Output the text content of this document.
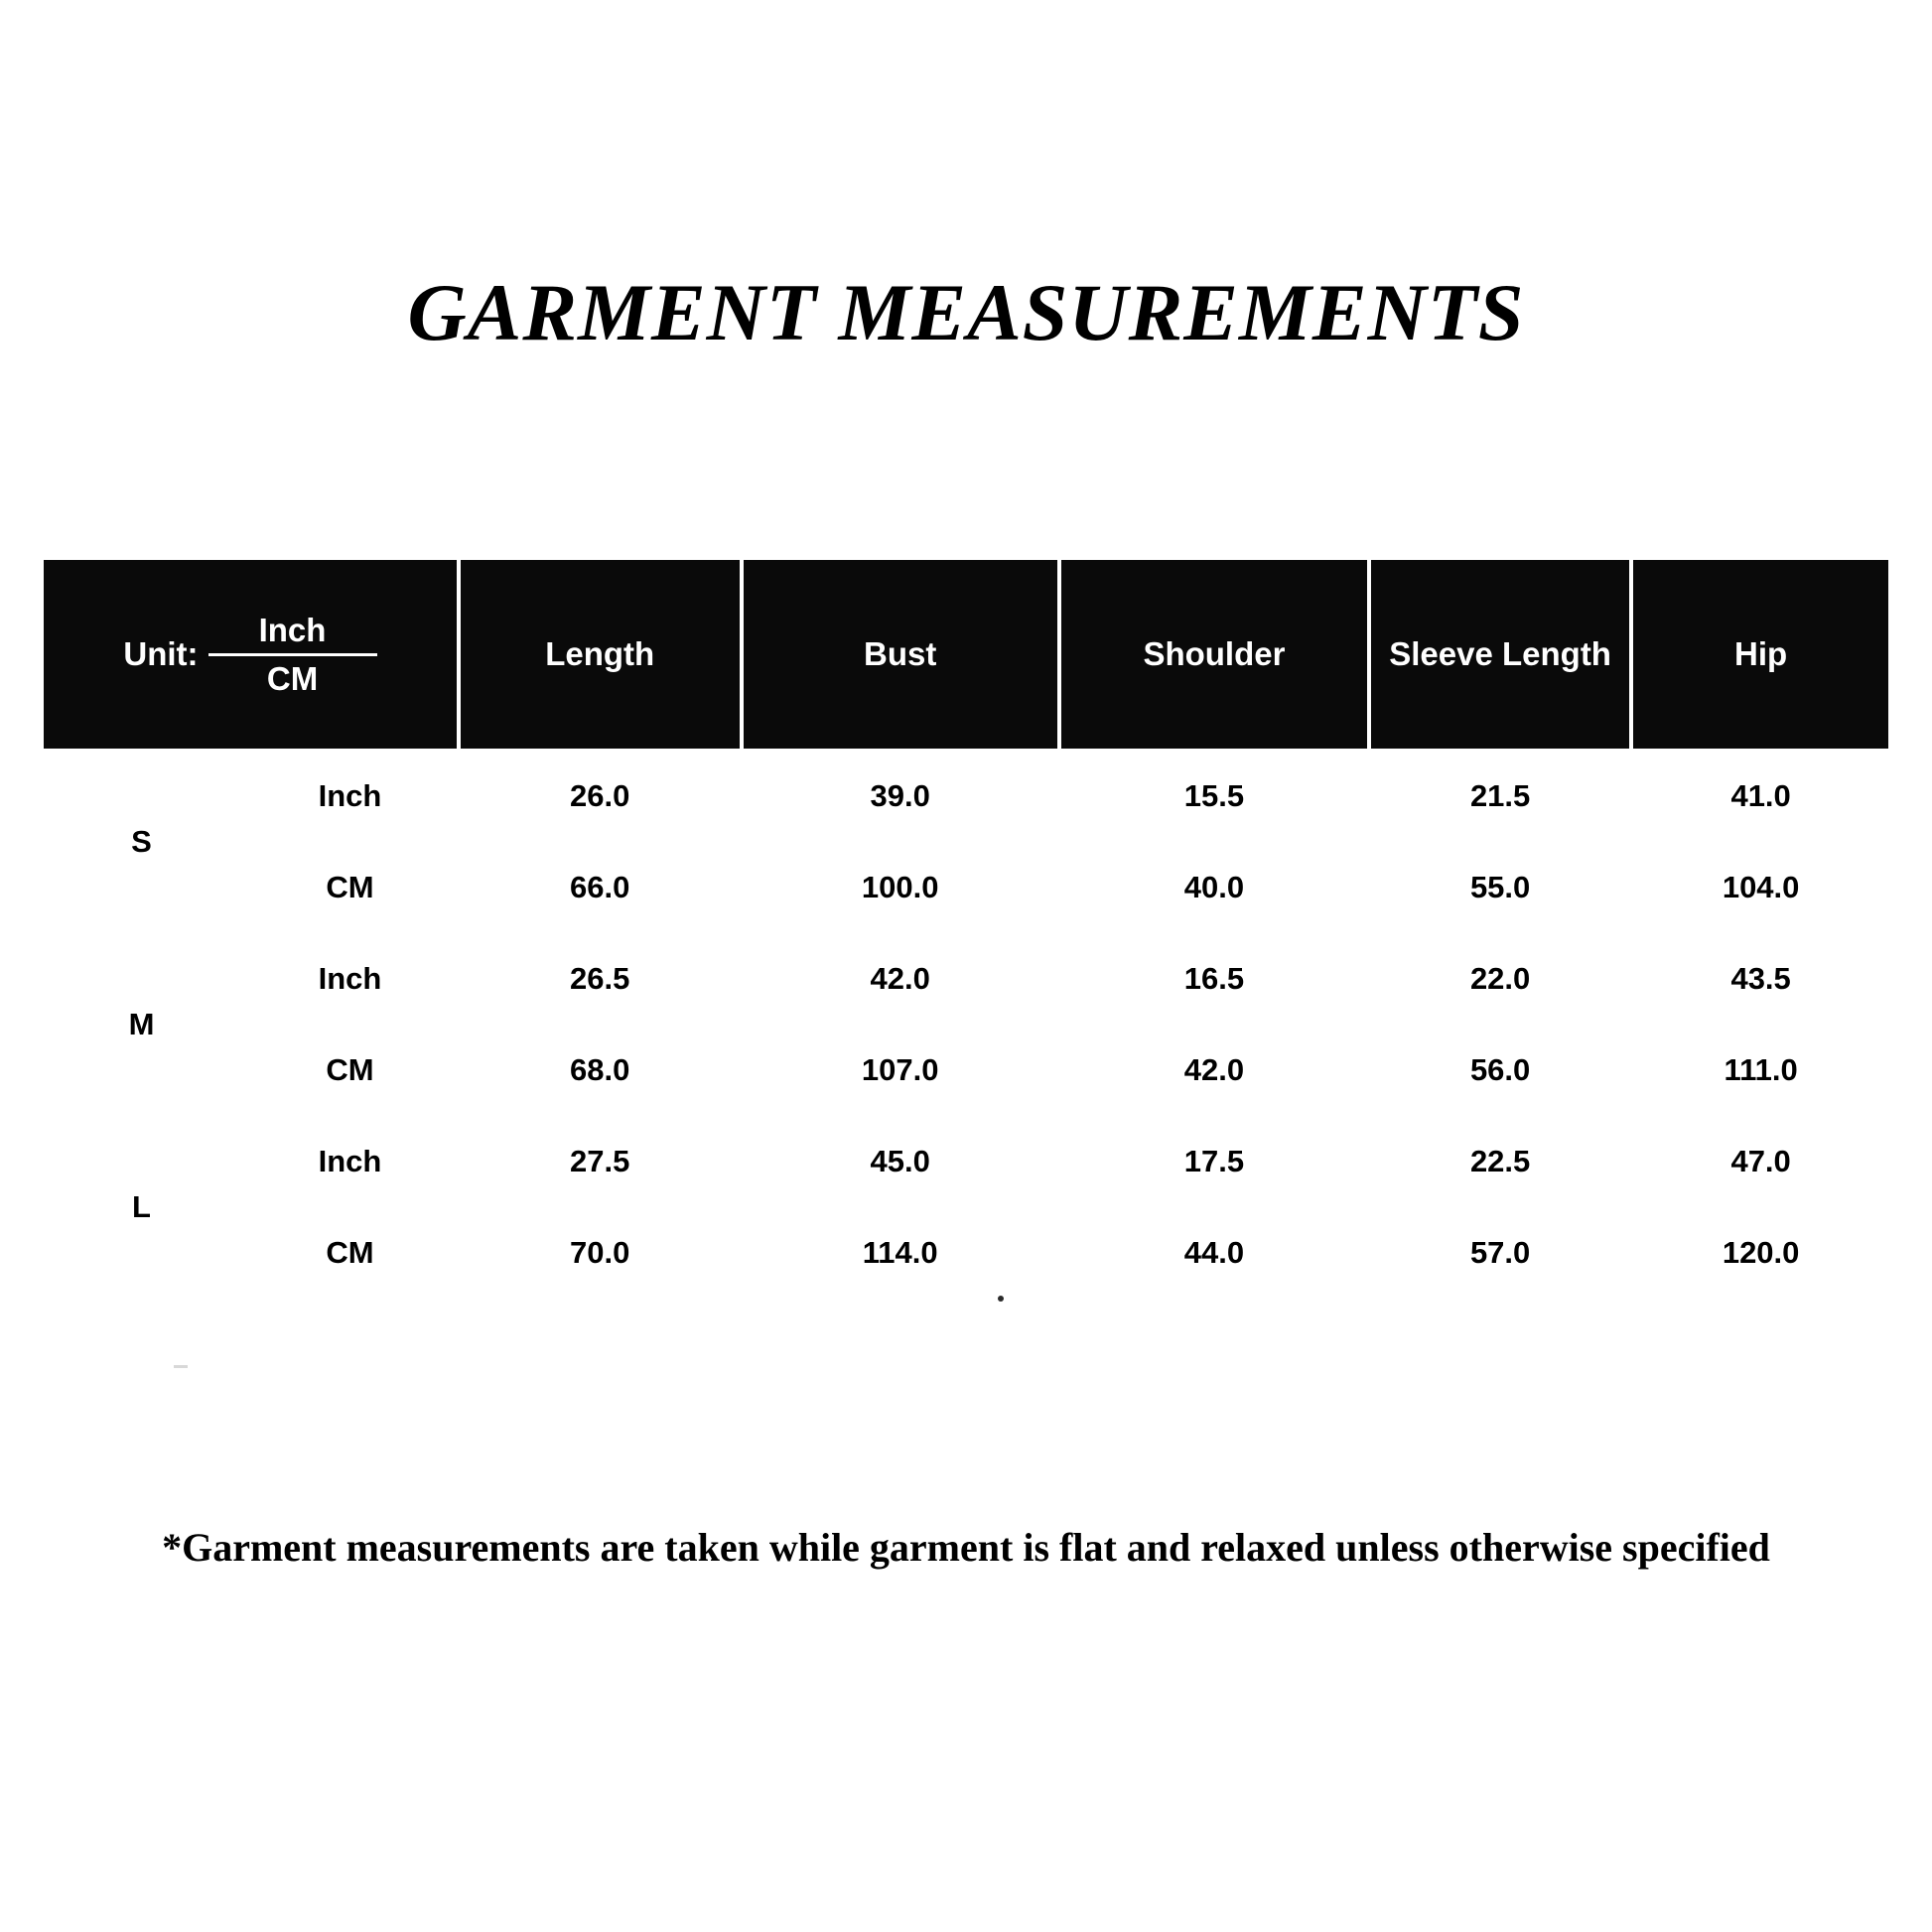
GARMENT MEASUREMENTS
Unit: $\frac{\text{Inch}}{CM}$		Length	Bust	Shoulder	Sleeve Length	Hip
S	Inch	26.0	39.0	15.5	21.5	41.0
	CM	66.0	100.0	40.0	55.0	104.0
M	Inch	26.5	42.0	16.5	22.0	43.5
	CM	68.0	107.0	42.0	56.0	111.0
L	Inch	27.5	45.0	17.5	22.5	47.0
	CM	70.0	114.0	44.0	57.0	120.0
*Garment measurements are taken while garment is flat and relaxed unless otherwise specified
